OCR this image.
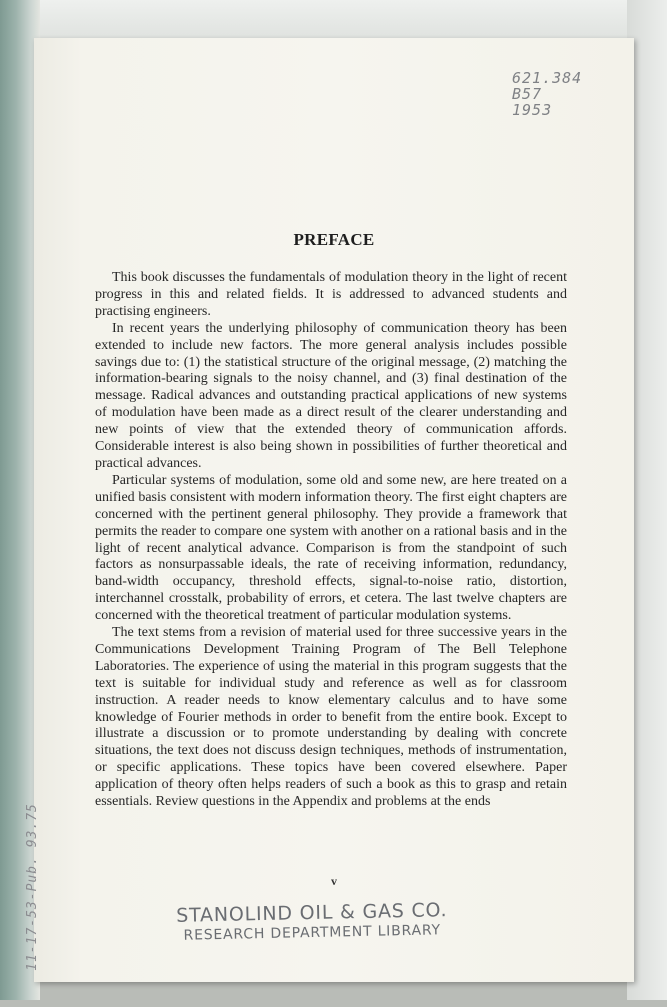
621.384
B57
1953
11-17-53-Pub. 93.75
PREFACE

This book discusses the fundamentals of modulation theory in the light of recent progress in this and related fields. It is addressed to advanced students and practising engineers.

In recent years the underlying philosophy of communication theory has been extended to include new factors. The more general analysis includes possible savings due to: (1) the statistical structure of the original message, (2) matching the information-bearing signals to the noisy channel, and (3) final destination of the message. Radical advances and outstanding practical applications of new systems of modulation have been made as a direct result of the clearer understanding and new points of view that the extended theory of communication affords. Considerable interest is also being shown in possibilities of further theoretical and practical advances.

Particular systems of modulation, some old and some new, are here treated on a unified basis consistent with modern information theory. The first eight chapters are concerned with the pertinent general philosophy. They provide a framework that permits the reader to compare one system with another on a rational basis and in the light of recent analytical advance. Comparison is from the standpoint of such factors as nonsurpassable ideals, the rate of receiving information, redundancy, band-width occupancy, threshold effects, signal-to-noise ratio, distortion, interchannel crosstalk, probability of errors, et cetera. The last twelve chapters are concerned with the theoretical treatment of particular modulation systems.

The text stems from a revision of material used for three successive years in the Communications Development Training Program of The Bell Telephone Laboratories. The experience of using the material in this program suggests that the text is suitable for individual study and reference as well as for classroom instruction. A reader needs to know elementary calculus and to have some knowledge of Fourier methods in order to benefit from the entire book. Except to illustrate a discussion or to promote understanding by dealing with concrete situations, the text does not discuss design techniques, methods of instrumentation, or specific applications. These topics have been covered elsewhere. Paper application of theory often helps readers of such a book as this to grasp and retain essentials. Review questions in the Appendix and problems at the ends

v
STANOLIND OIL & GAS CO.
RESEARCH DEPARTMENT LIBRARY
